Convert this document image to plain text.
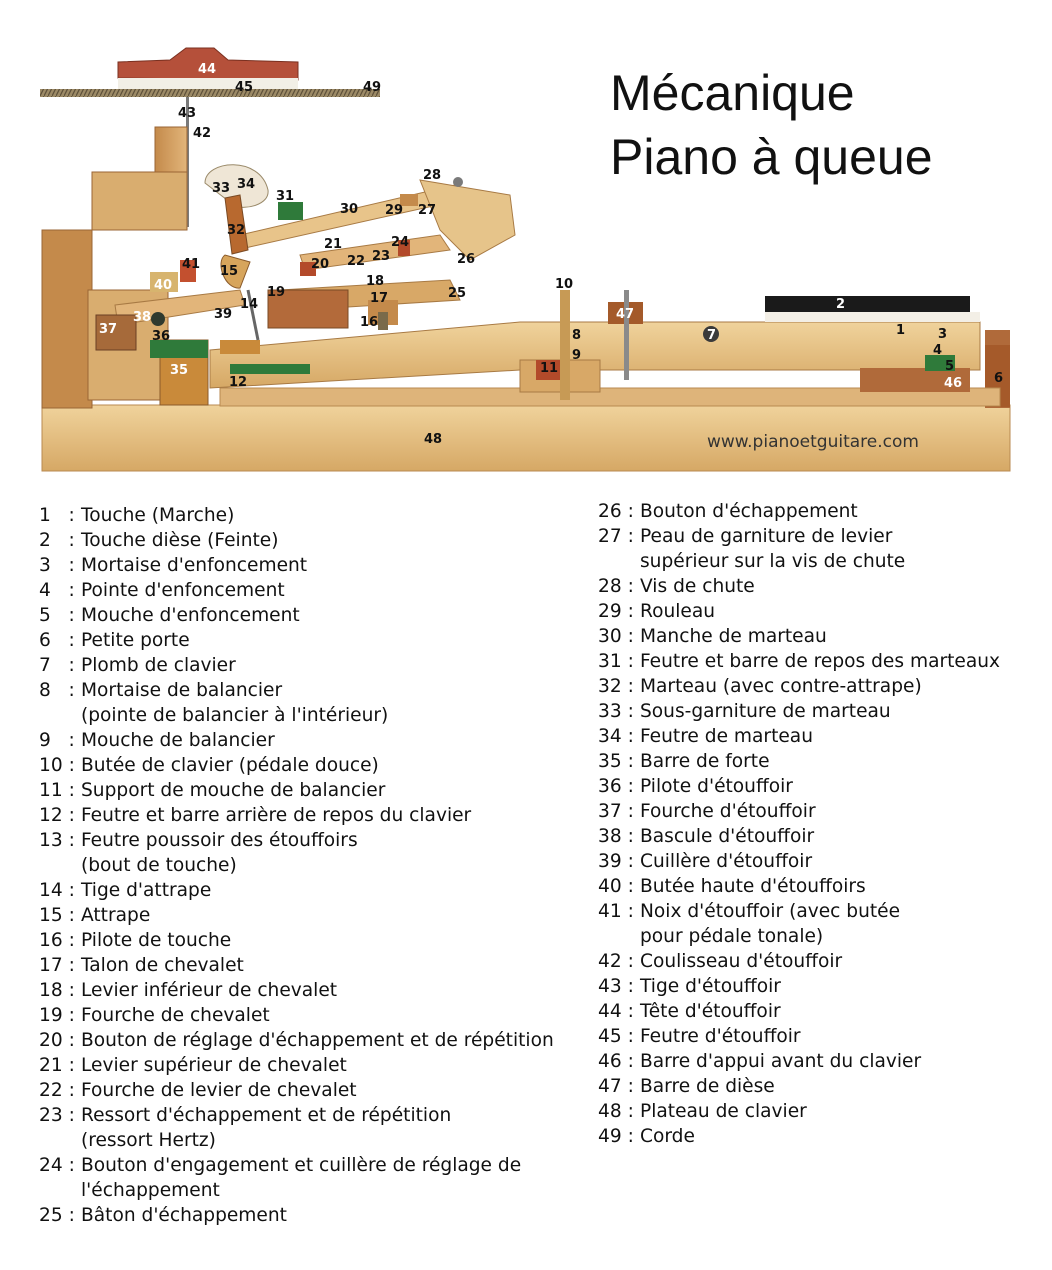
1
2
3
4
5
6
7
8
9
10
11
12
13
14
15
16
17
18
19
20
21
22 23
24
25
26
27
28
29
30
31
32
33 34
35
36
37
38	39
40
41
42
43
44
45
46
47
48
49	Mécanique
Piano à queue
www.pianoetguitare.com
1   : Touche (Marche)
2   : Touche dièse (Feinte)
3   : Mortaise d'enfoncement
4   : Pointe d'enfoncement
5   : Mouche d'enfoncement
6   : Petite porte
7   : Plomb de clavier
8   : Mortaise de balancier
(pointe de balancier à l'intérieur)
9   : Mouche de balancier
10 : Butée de clavier (pédale douce)
11 : Support de mouche de balancier
12 : Feutre et barre arrière de repos du clavier
13 : Feutre poussoir des étouffoirs
(bout de touche)
14 : Tige d'attrape
15 : Attrape
16 : Pilote de touche
17 : Talon de chevalet
18 : Levier inférieur de chevalet
19 : Fourche de chevalet
20 : Bouton de réglage d'échappement et de répétition
21 : Levier supérieur de chevalet
22 : Fourche de levier de chevalet
23 : Ressort d'échappement et de répétition
(ressort Hertz)
24 : Bouton d'engagement et cuillère de réglage de
l'échappement
25 : Bâton d'échappement
26 : Bouton d'échappement
27 : Peau de garniture de levier
supérieur sur la vis de chute
28 : Vis de chute
29 : Rouleau
30 : Manche de marteau
31 : Feutre et barre de repos des marteaux
32 : Marteau (avec contre-attrape)
33 : Sous-garniture de marteau
34 : Feutre de marteau
35 : Barre de forte
36 : Pilote d'étouffoir
37 : Fourche d'étouffoir
38 : Bascule d'étouffoir
39 : Cuillère d'étouffoir
40 : Butée haute d'étouffoirs
41 : Noix d'étouffoir (avec butée
pour pédale tonale)
42 : Coulisseau d'étouffoir
43 : Tige d'étouffoir
44 : Tête d'étouffoir
45 : Feutre d'étouffoir
46 : Barre d'appui avant du clavier
47 : Barre de dièse
48 : Plateau de clavier
49 : Corde
